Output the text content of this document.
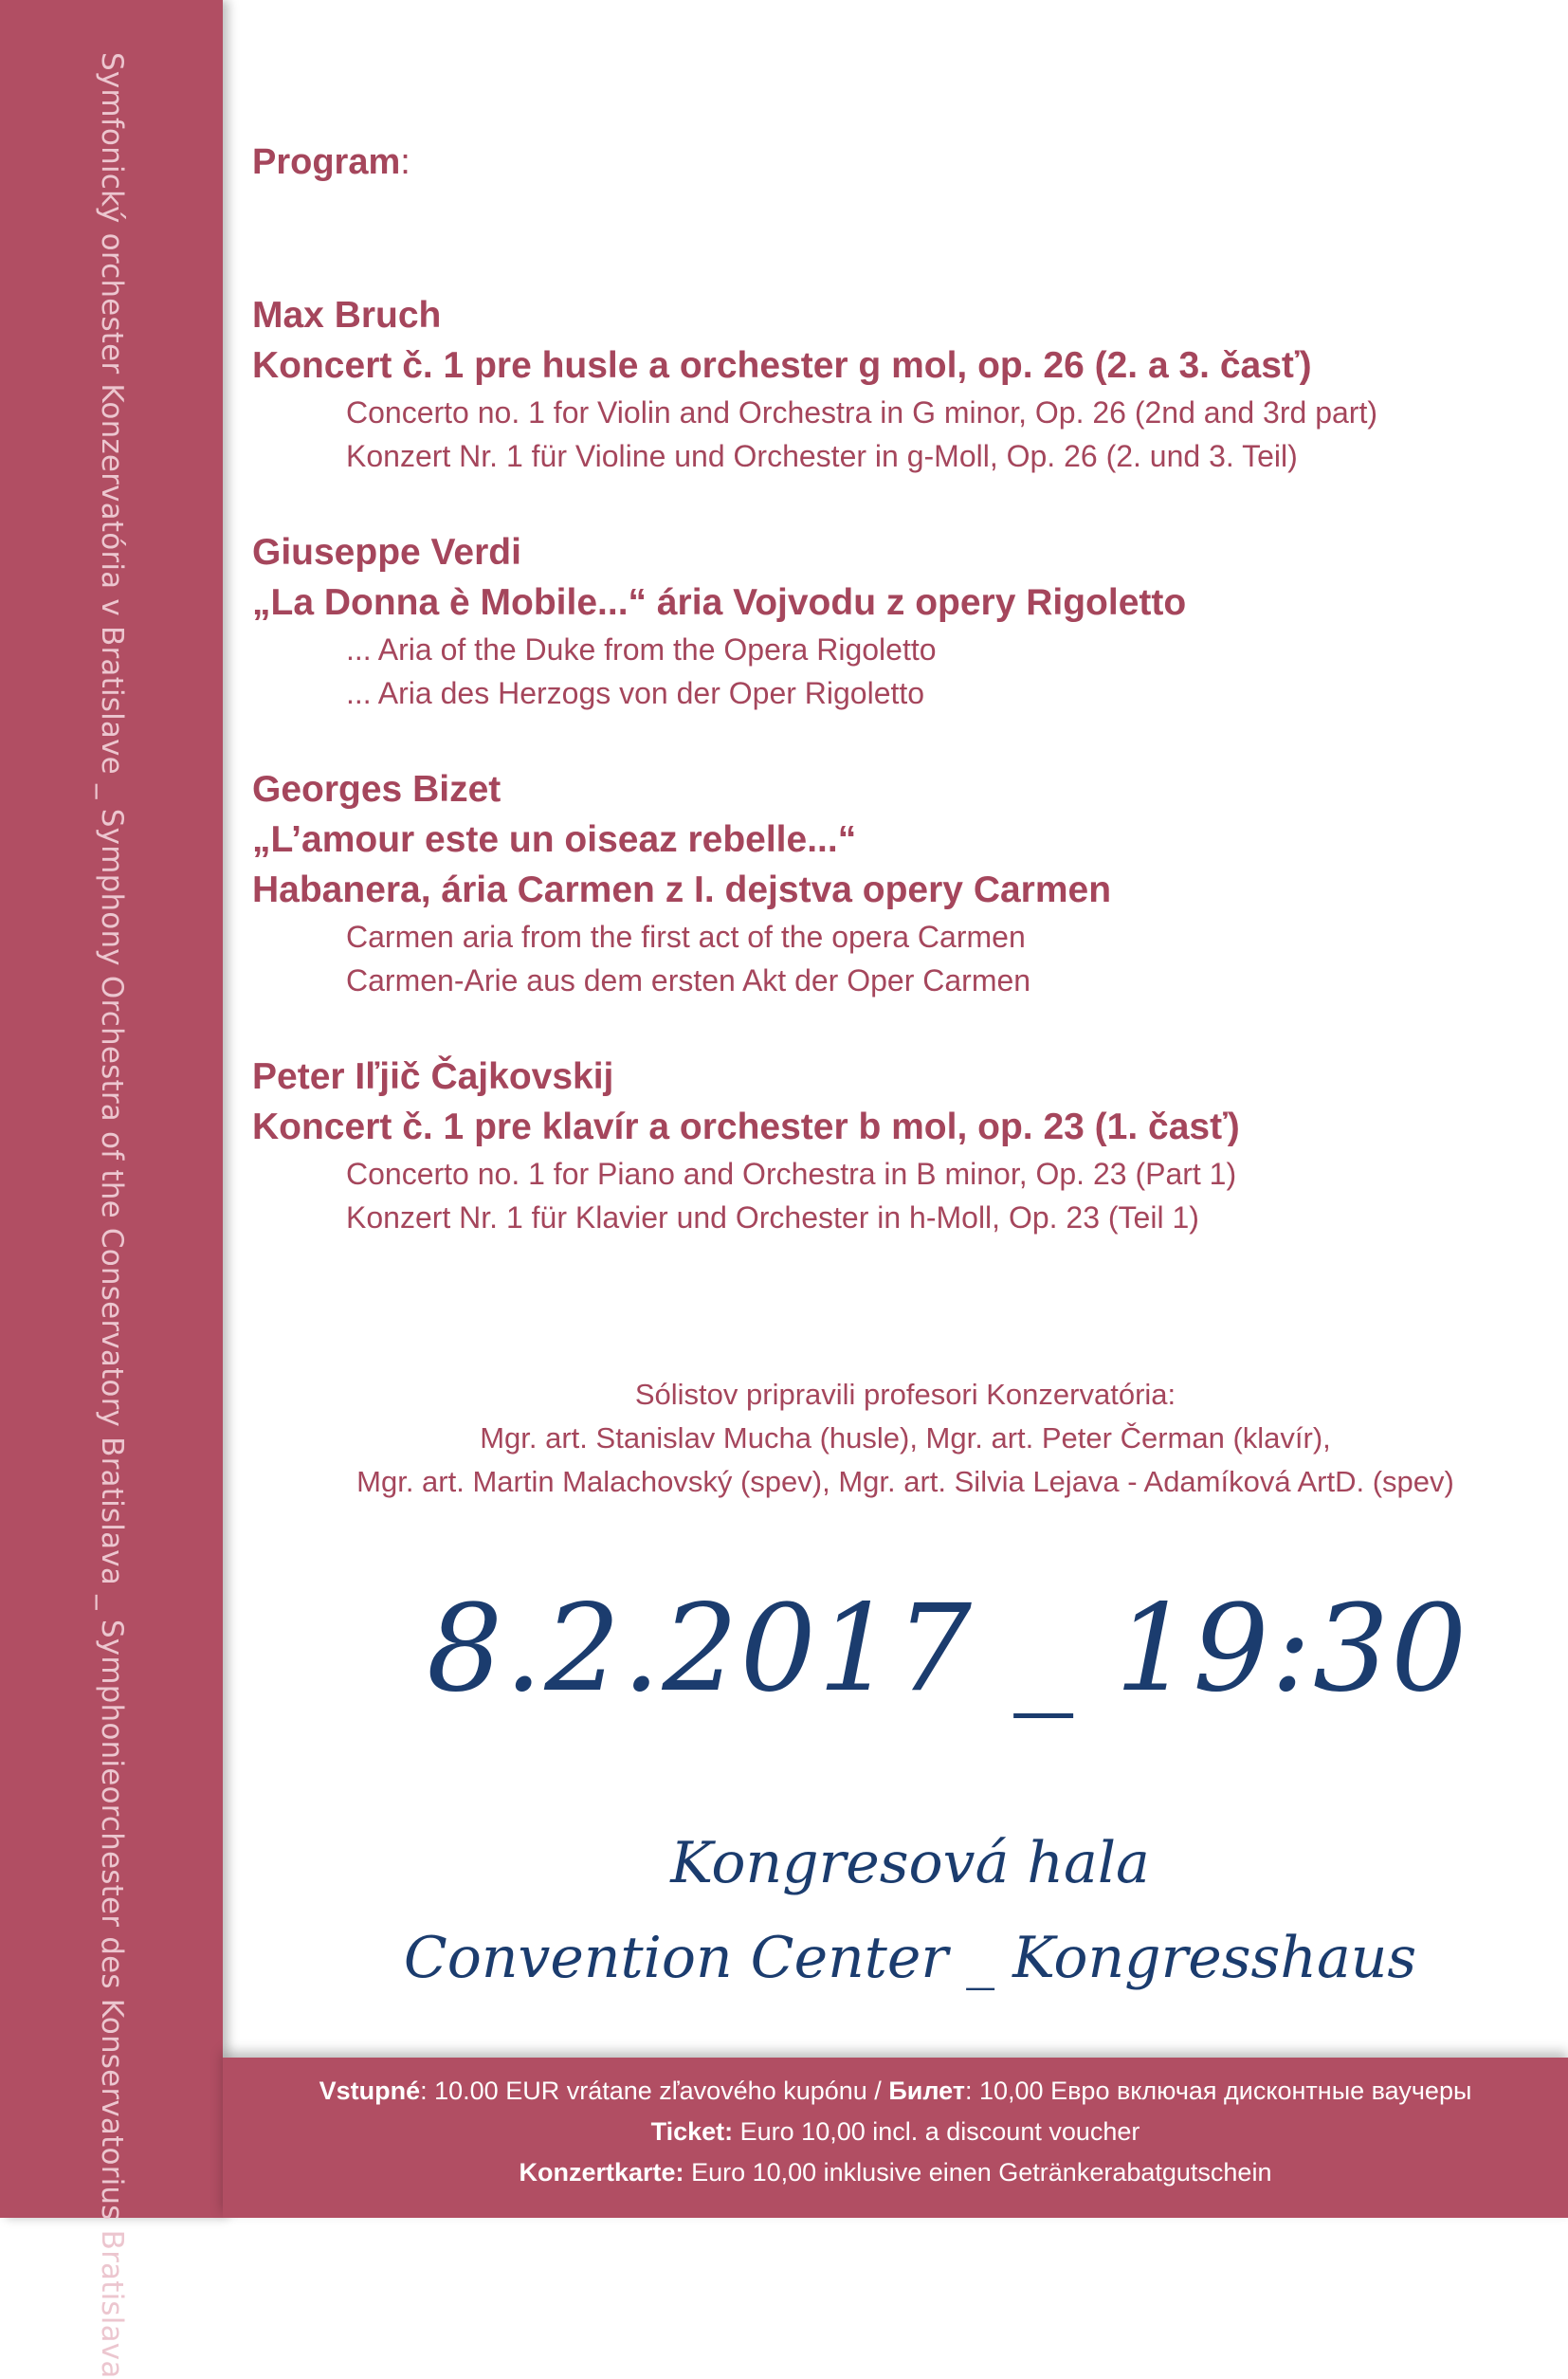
Symfonický orchester Konzervatória v Bratislave _ Symphony Orchestra of the Conservatory Bratislava _ Symphonieorchester des Konservatorius Bratislava	Program:
Max Bruch
Koncert č. 1 pre husle a orchester g mol, op. 26 (2. a 3. časť)
Concerto no. 1 for Violin and Orchestra in G minor, Op. 26 (2nd and 3rd part)
Konzert Nr. 1 für Violine und Orchester in g-Moll, Op. 26 (2. und 3. Teil)
Giuseppe Verdi
„La Donna è Mobile...“ ária Vojvodu z opery Rigoletto
... Aria of the Duke from the Opera Rigoletto
... Aria des Herzogs von der Oper Rigoletto
Georges Bizet
„L’amour este un oiseaz rebelle...“
Habanera, ária Carmen z I. dejstva opery Carmen
Carmen aria from the first act of the opera Carmen
Carmen-Arie aus dem ersten Akt der Oper Carmen
Peter Iľjič Čajkovskij
Koncert č. 1 pre klavír a orchester b mol, op. 23 (1. časť)
Concerto no. 1 for Piano and Orchestra in B minor, Op. 23 (Part 1)
Konzert Nr. 1 für Klavier und Orchester in h-Moll, Op. 23 (Teil 1)
Sólistov pripravili profesori Konzervatória:
Mgr. art. Stanislav Mucha (husle), Mgr. art. Peter Čerman (klavír),
Mgr. art. Martin Malachovský (spev), Mgr. art. Silvia Lejava - Adamíková ArtD. (spev)
8.2.2017 _ 19:30
Kongresová hala
Convention Center _ Kongresshaus
Vstupné: 10.00 EUR vrátane zľavového kupónu / Билет: 10,00 Евро включая дисконтные ваучеры
Ticket: Euro 10,00 incl. a discount voucher
Konzertkarte: Euro 10,00 inklusive einen Getränkerabatgutschein
